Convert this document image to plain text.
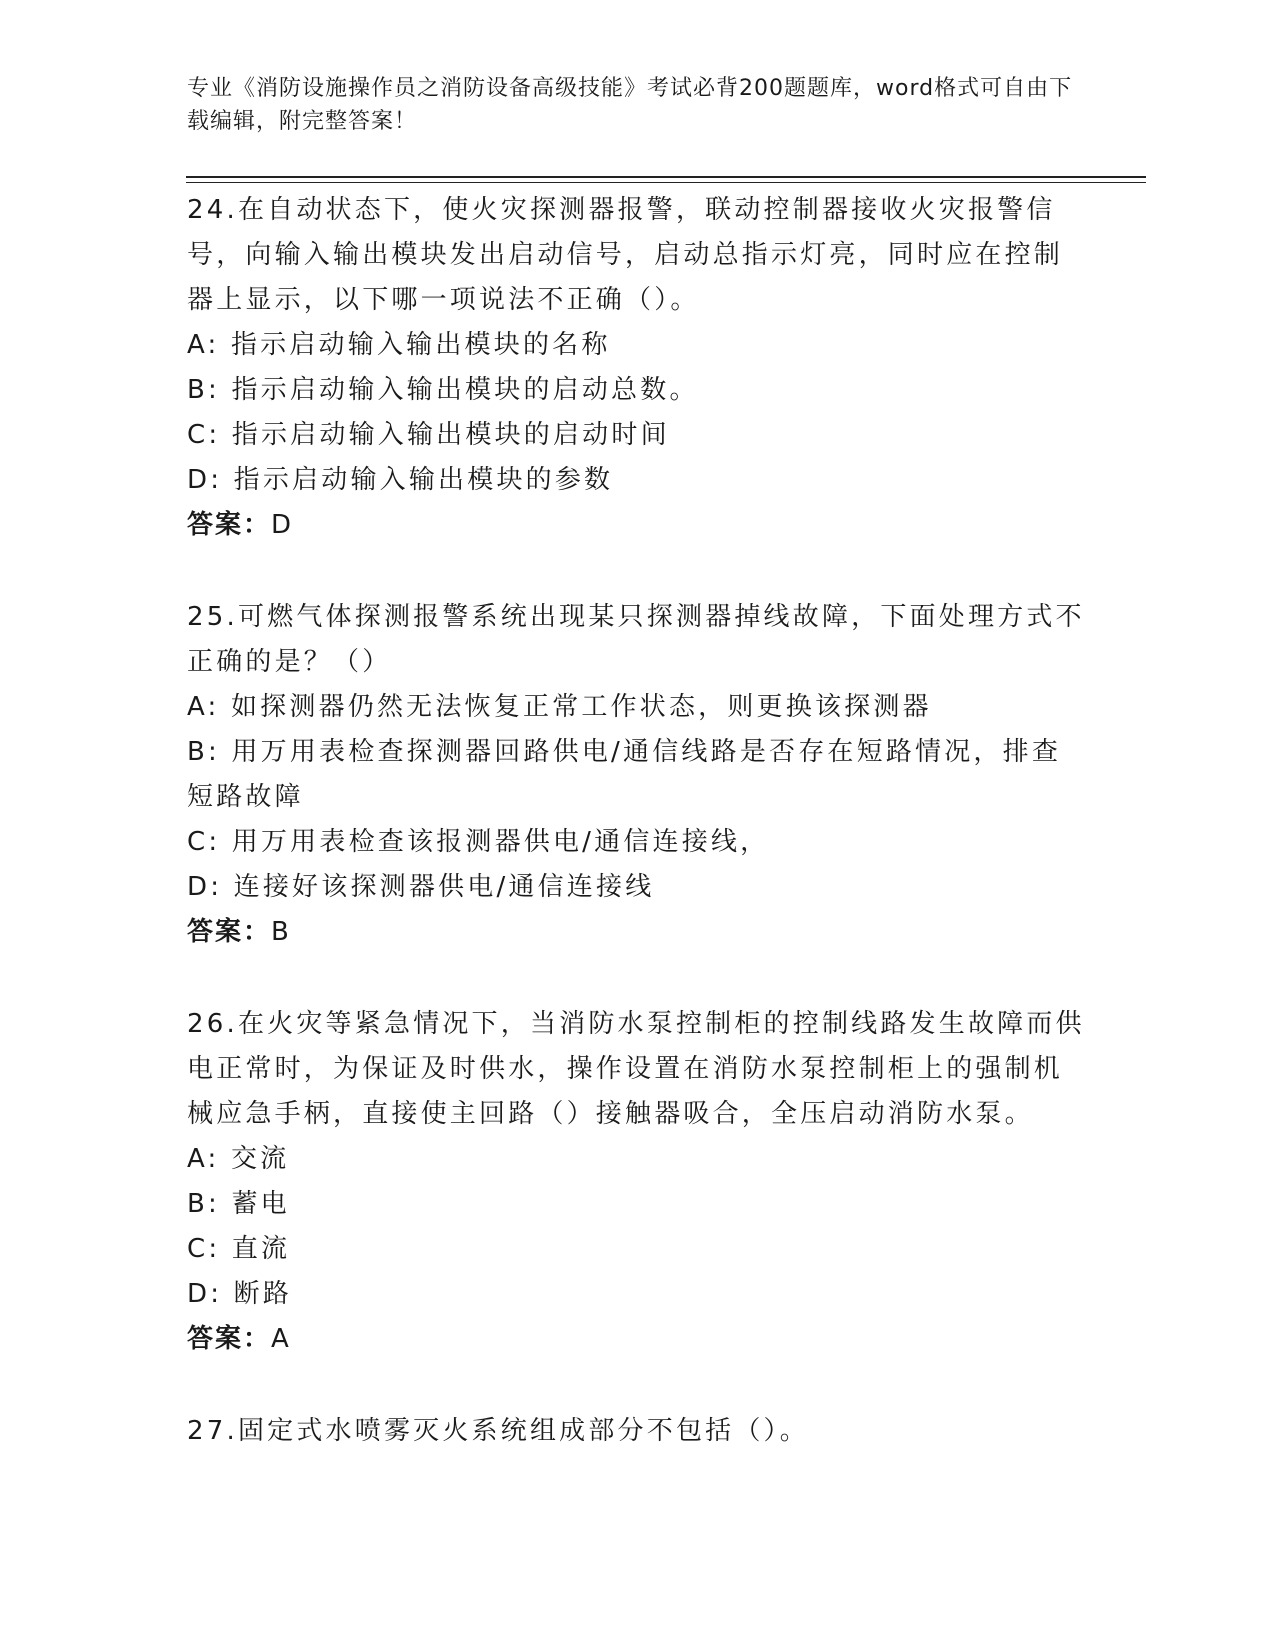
专业《消防设施操作员之消防设备高级技能》考试必背200题题库，word格式可自由下载编辑，附完整答案！

24.在自动状态下，使火灾探测器报警，联动控制器接收火灾报警信号，向输入输出模块发出启动信号，启动总指示灯亮，同时应在控制器上显示，以下哪一项说法不正确（）。

A: 指示启动输入输出模块的名称

B: 指示启动输入输出模块的启动总数。

C: 指示启动输入输出模块的启动时间

D: 指示启动输入输出模块的参数

答案：D

25.可燃气体探测报警系统出现某只探测器掉线故障，下面处理方式不正确的是？（）

A: 如探测器仍然无法恢复正常工作状态，则更换该探测器

B: 用万用表检查探测器回路供电/通信线路是否存在短路情况，排查短路故障

C: 用万用表检查该报测器供电/通信连接线，

D: 连接好该探测器供电/通信连接线

答案：B

26.在火灾等紧急情况下，当消防水泵控制柜的控制线路发生故障而供电正常时，为保证及时供水，操作设置在消防水泵控制柜上的强制机械应急手柄，直接使主回路（）接触器吸合，全压启动消防水泵。

A: 交流

B: 蓄电

C: 直流

D: 断路

答案：A

27.固定式水喷雾灭火系统组成部分不包括（）。
